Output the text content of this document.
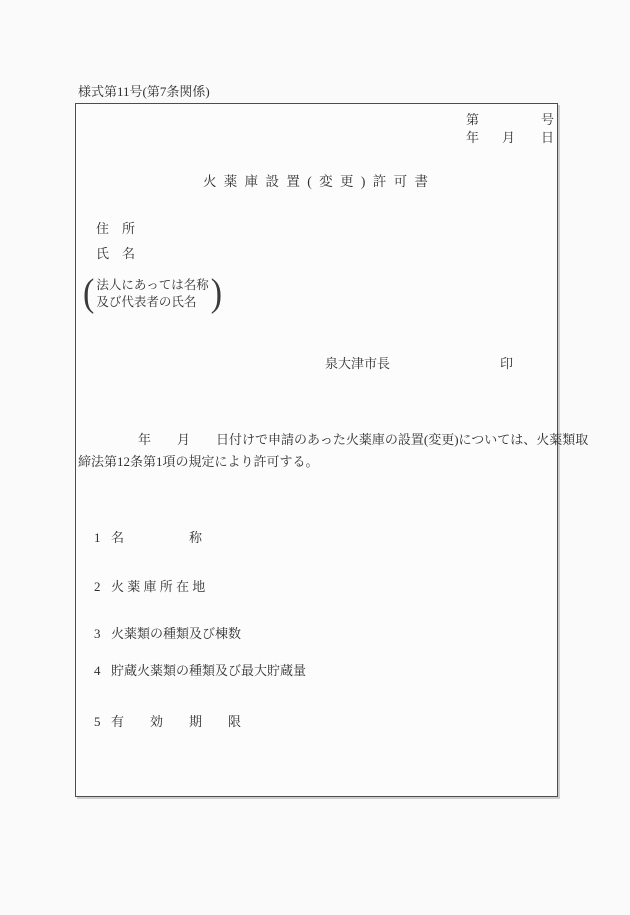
様式第11号(第7条関係)
第	号
年 月 日
火 薬 庫 設 置 ( 変 更 ) 許 可 書
住　所
氏　名
( 法人にあっては名称
及び代表者の氏名 )
泉大津市長	印
年　　月　　日付けで申請のあった火薬庫の設置(変更)については、火薬類取
締法第12条第1項の規定により許可する。
1 名　　　　　称
2 火 薬 庫 所 在 地
3 火薬類の種類及び棟数
4 貯蔵火薬類の種類及び最大貯蔵量
5 有　　効　　期　　限
